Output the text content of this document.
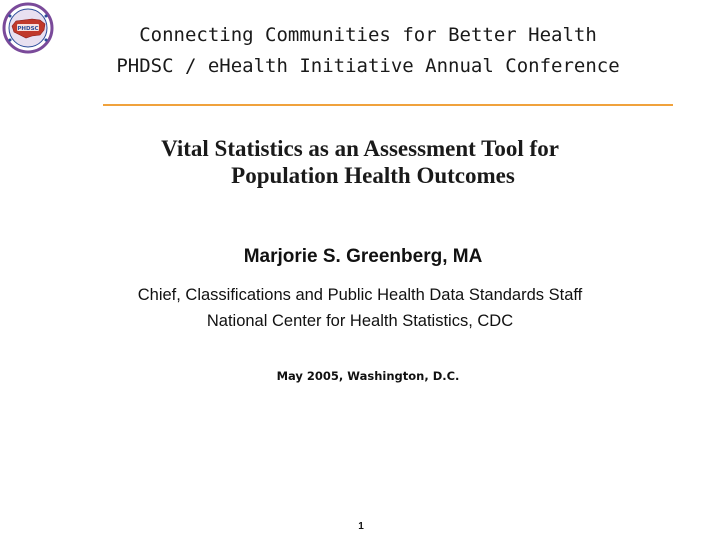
PHDSC	Connecting Communities for Better Health
PHDSC / eHealth Initiative Annual Conference
Vital Statistics as an Assessment Tool for
Population Health Outcomes
Marjorie S. Greenberg, MA
Chief, Classifications and Public Health Data Standards Staff
National Center for Health Statistics, CDC
May 2005, Washington, D.C.
1
